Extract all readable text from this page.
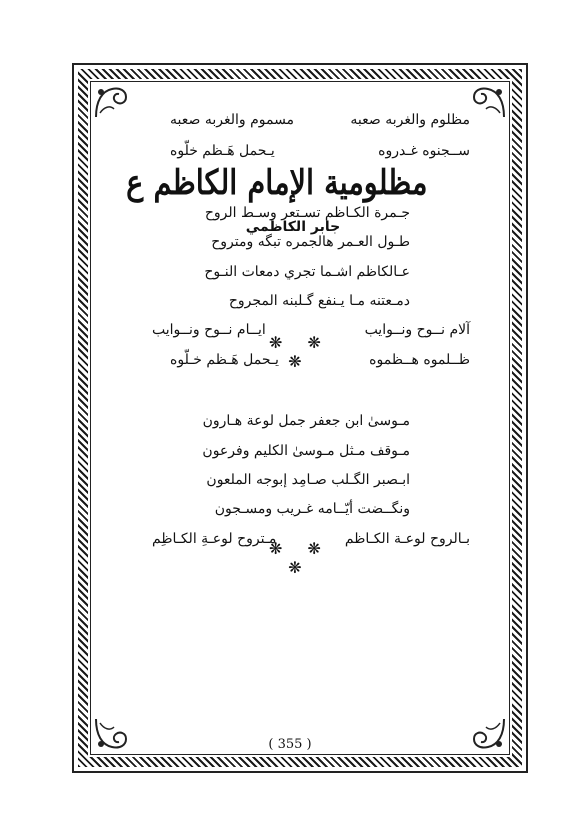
مظلومية الإمام الكاظم ع
جابر الكاظمي
مظلوم والغربه صعبه
مسموم والغربه صعبه
ســجنوه غـدروه
يـحمل هَـظم خلّوه
جـمرة الكـاظم تسـتعر وسـط الروح
طـول العـمر هالجمره تبگه ومتروح
عـالكاظم اشـما تجري دمعات النـوح
دمـعتنه مـا يـنفع گـلبنه المجروح
آلام نــوح ونــوايب
ايــام نــوح ونــوايب
ظــلموه هــظموه
يـحمل هَـظم خـلّوه
مـوسىٰ ابن جعفر جمل لوعة هـارون
مـوقف مـثل مـوسىٰ الكليم وفرعون
ابـصبر الگـلب صـامِد إبوجه الملعون
ونگــضت أيّــامه غـريب ومسـجون
بـالروح لوعـة الكـاظم
مـتروح لوعـةِ الكـاظِم
❋ ❋ ❋
❋ ❋ ❋
( 355 )
